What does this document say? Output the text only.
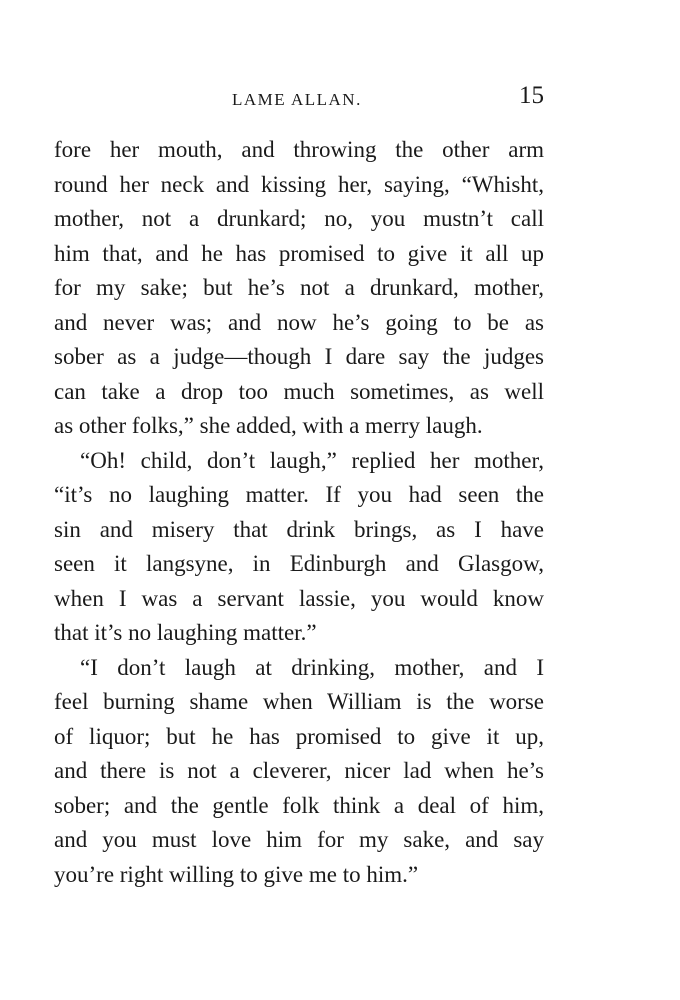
LAME ALLAN.	15

fore her mouth, and throwing the other arm

round her neck and kissing her, saying, “Whisht,

mother, not a drunkard; no, you mustn’t call

him that, and he has promised to give it all up

for my sake; but he’s not a drunkard, mother,

and never was; and now he’s going to be as

sober as a judge—though I dare say the judges

can take a drop too much sometimes, as well

as other folks,” she added, with a merry laugh.

“Oh! child, don’t laugh,” replied her mother,

“it’s no laughing matter. If you had seen the

sin and misery that drink brings, as I have

seen it langsyne, in Edinburgh and Glasgow,

when I was a servant lassie, you would know

that it’s no laughing matter.”

“I don’t laugh at drinking, mother, and I

feel burning shame when William is the worse

of liquor; but he has promised to give it up,

and there is not a cleverer, nicer lad when he’s

sober; and the gentle folk think a deal of him,

and you must love him for my sake, and say

you’re right willing to give me to him.”
